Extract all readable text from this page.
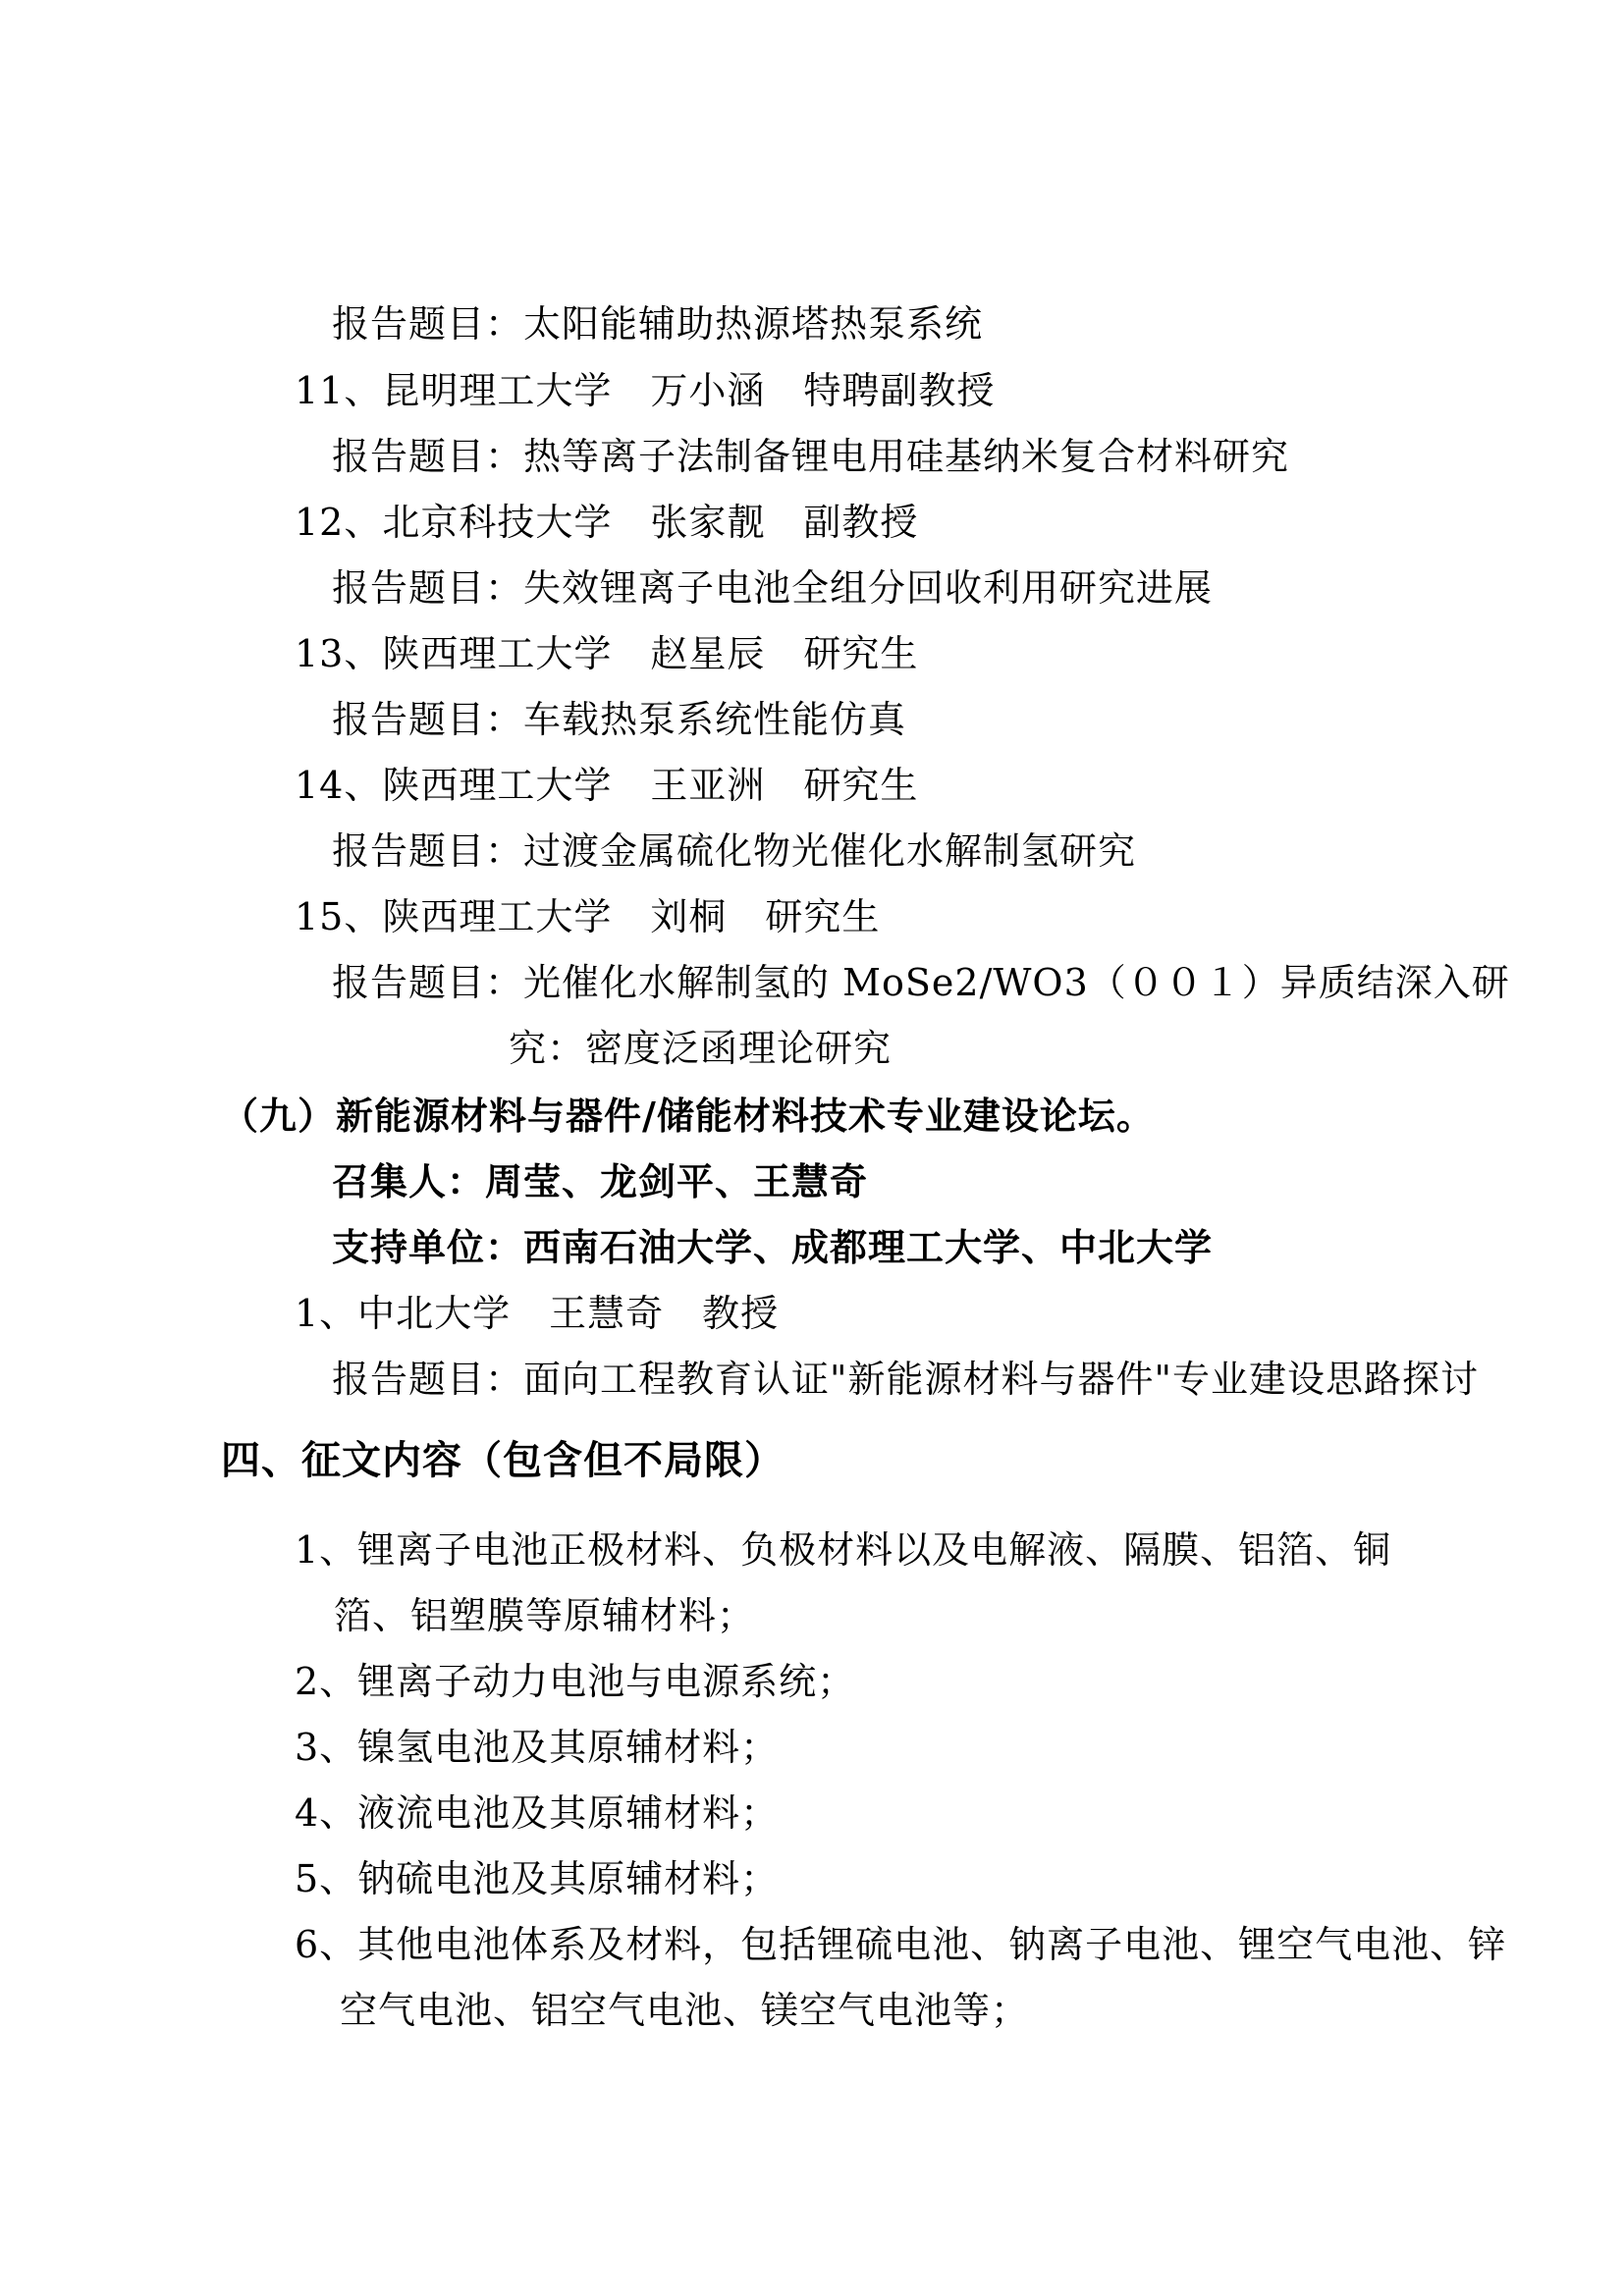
报告题目：太阳能辅助热源塔热泵系统
11、昆明理工大学　万小涵　特聘副教授
报告题目：热等离子法制备锂电用硅基纳米复合材料研究
12、北京科技大学　张家靓　副教授
报告题目：失效锂离子电池全组分回收利用研究进展
13、陕西理工大学　赵星辰　研究生
报告题目：车载热泵系统性能仿真
14、陕西理工大学　王亚洲　研究生
报告题目：过渡金属硫化物光催化水解制氢研究
15、陕西理工大学　刘桐　研究生
报告题目：光催化水解制氢的 MoSe2/WO3（００１）异质结深入研
究：密度泛函理论研究
（九）新能源材料与器件/储能材料技术专业建设论坛。
召集人：周莹、龙剑平、王慧奇
支持单位：西南石油大学、成都理工大学、中北大学
1、中北大学　王慧奇　教授
报告题目：面向工程教育认证"新能源材料与器件"专业建设思路探讨
四、征文内容（包含但不局限）
1、锂离子电池正极材料、负极材料以及电解液、隔膜、铝箔、铜
箔、铝塑膜等原辅材料；
2、锂离子动力电池与电源系统；
3、镍氢电池及其原辅材料；
4、液流电池及其原辅材料；
5、钠硫电池及其原辅材料；
6、其他电池体系及材料，包括锂硫电池、钠离子电池、锂空气电池、锌
空气电池、铝空气电池、镁空气电池等；
